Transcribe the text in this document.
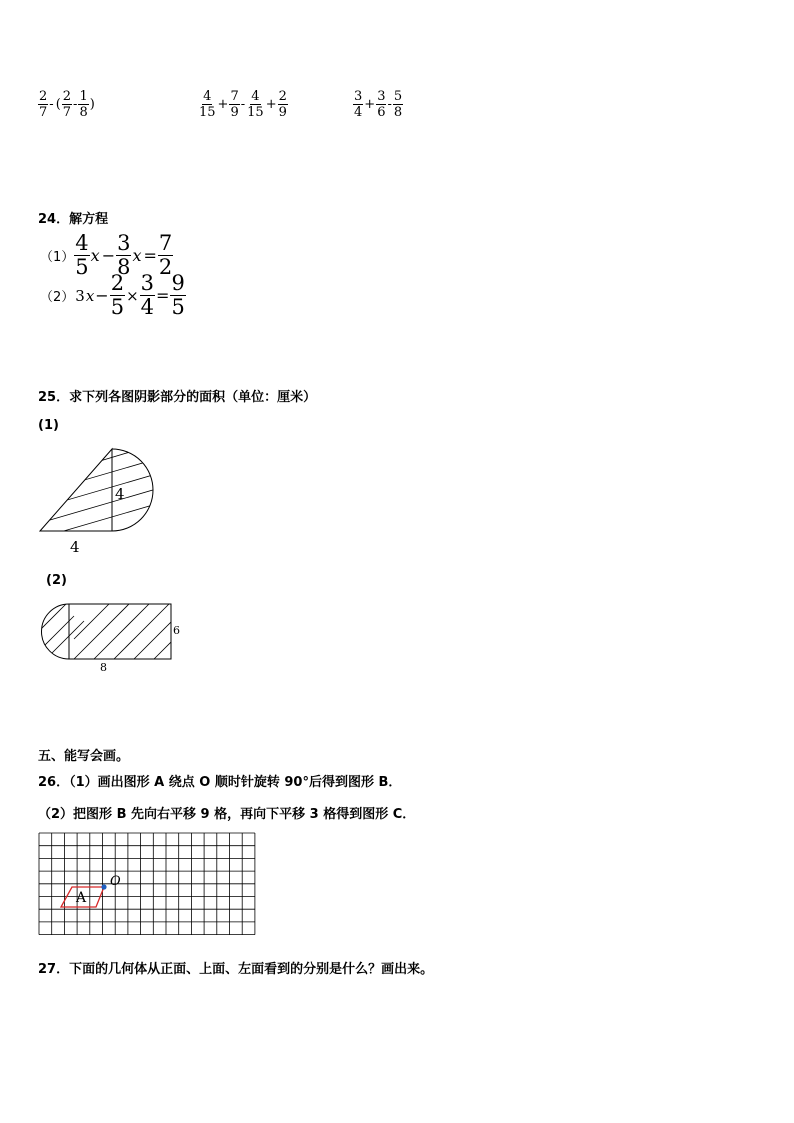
$\frac{2}{7}$ - ( $\frac{2}{7} - \frac{1}{8}$ )	$\frac{4}{15} + \frac{7}{9} - \frac{4}{15} + \frac{2}{9}$	$\frac{3}{4} + \frac{3}{6} - \frac{5}{8}$
24．解方程
$(1) \frac{4}{5}$ $x - \frac{3}{8}$ $x = \frac{7}{2}$
（2） 3 $x - \frac{2}{5} \times \frac{3}{4} = \frac{9}{5}$
25．求下列各图阴影部分的面积（单位：厘米）
(1)
4
4
(2)
6
8
五、能写会画。
26．（1）画出图形 A 绕点 O 顺时针旋转 90°后得到图形 B．
（2）把图形 B 先向右平移 9 格，再向下平移 3 格得到图形 C．
A
O
27．下面的几何体从正面、上面、左面看到的分别是什么？画出来。
